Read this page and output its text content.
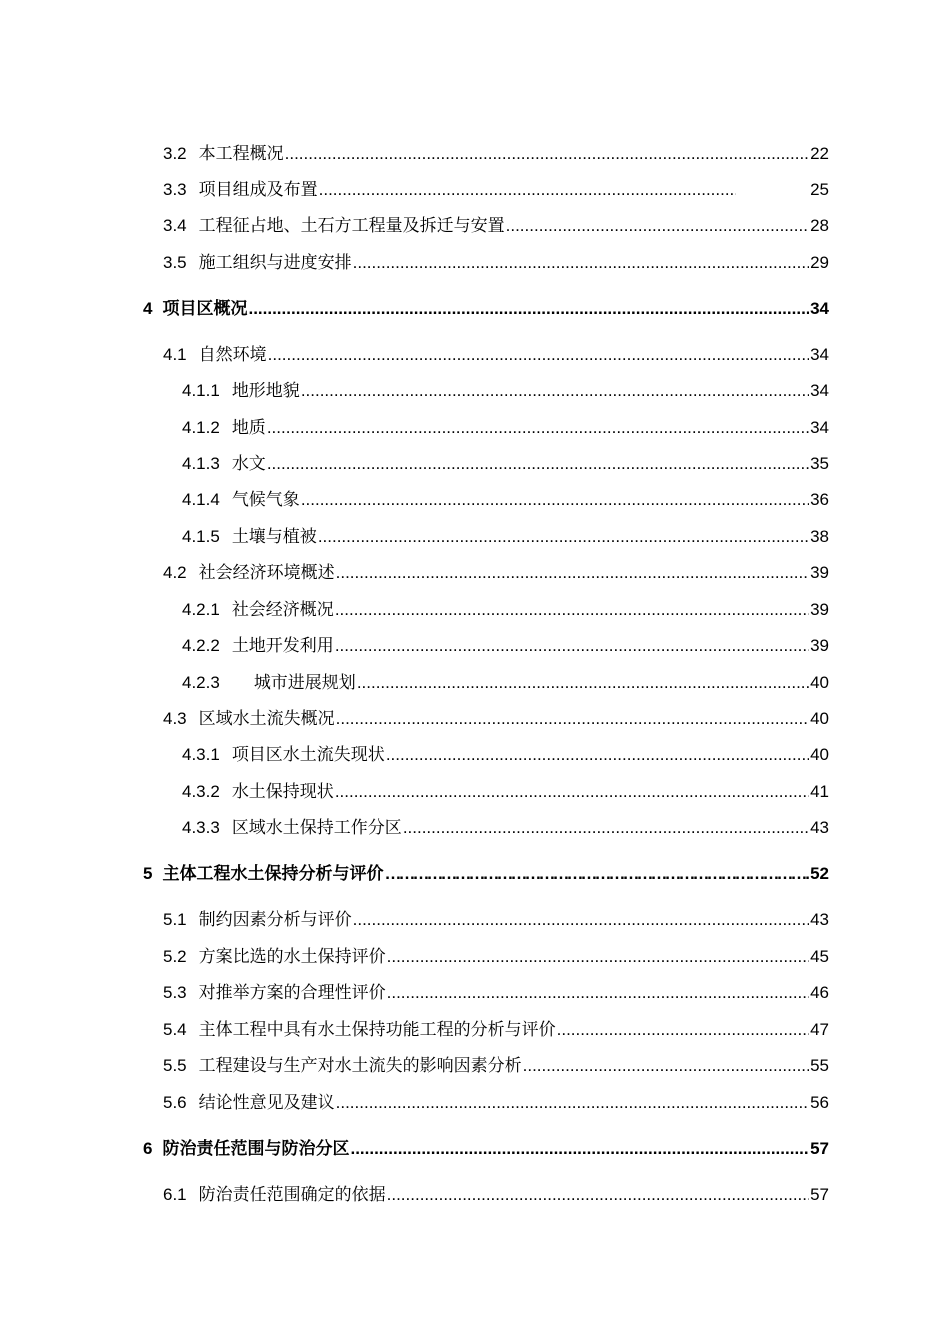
3.2 本工程概况 .....	22
3.3 项目组成及布置 .....	25
3.4 工程征占地、土石方工程量及拆迁与安置 .....	28
3.5 施工组织与进度安排 .....	29
4 项目区概况 .....	34
4.1 自然环境 .....	34
4.1.1 地形地貌 .....	34
4.1.2 地质 .....	34
4.1.3 水文 .....	35
4.1.4 气候气象 .....	36
4.1.5 土壤与植被 .....	38
4.2 社会经济环境概述 .....	39
4.2.1 社会经济概况 .....	39
4.2.2 土地开发利用 .....	39
4.2.3 城市进展规划 .....	40
4.3 区域水土流失概况 .....	40
4.3.1 项目区水土流失现状 .....	40
4.3.2 水土保持现状 .....	41
4.3.3 区域水土保持工作分区 .....	43
5 主体工程水土保持分析与评价 ……………………………………………………………………………………………………	52
5.1 制约因素分析与评价 .....	43
5.2 方案比选的水土保持评价 .....	45
5.3 对推举方案的合理性评价 .....	46
5.4 主体工程中具有水土保持功能工程的分析与评价 .....	47
5.5 工程建设与生产对水土流失的影响因素分析 .....	55
5.6 结论性意见及建议 .....	56
6 防治责任范围与防治分区 .....	57
6.1 防治责任范围确定的依据 .....	57
